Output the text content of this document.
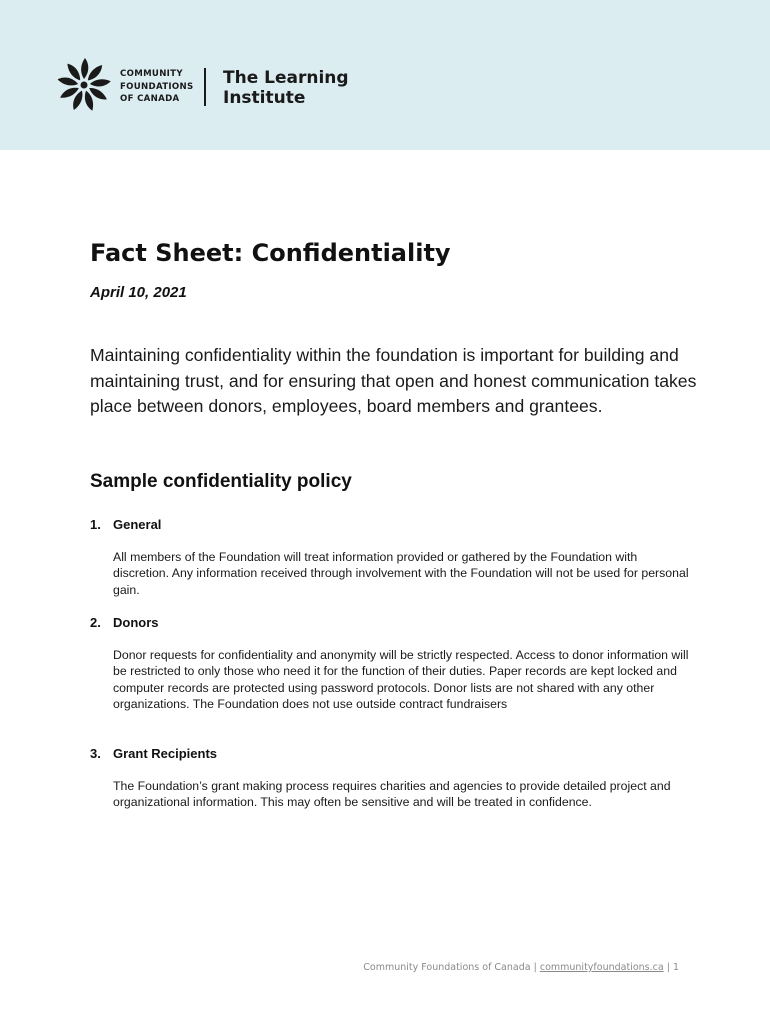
COMMUNITY
FOUNDATIONS
OF CANADA
The Learning
Institute
Fact Sheet: Confidentiality
April 10, 2021

Maintaining confidentiality within the foundation is important for building and maintaining trust, and for ensuring that open and honest communication takes place between donors, employees, board members and grantees.

Sample confidentiality policy
1. General
All members of the Foundation will treat information provided or gathered by the Foundation with discretion. Any information received through involvement with the Foundation will not be used for personal gain.
2. Donors
Donor requests for confidentiality and anonymity will be strictly respected. Access to donor information will be restricted to only those who need it for the function of their duties. Paper records are kept locked and computer records are protected using password protocols. Donor lists are not shared with any other organizations. The Foundation does not use outside contract fundraisers
3. Grant Recipients
The Foundation’s grant making process requires charities and agencies to provide detailed project and organizational information. This may often be sensitive and will be treated in confidence.
Community Foundations of Canada | communityfoundations.ca | 1
